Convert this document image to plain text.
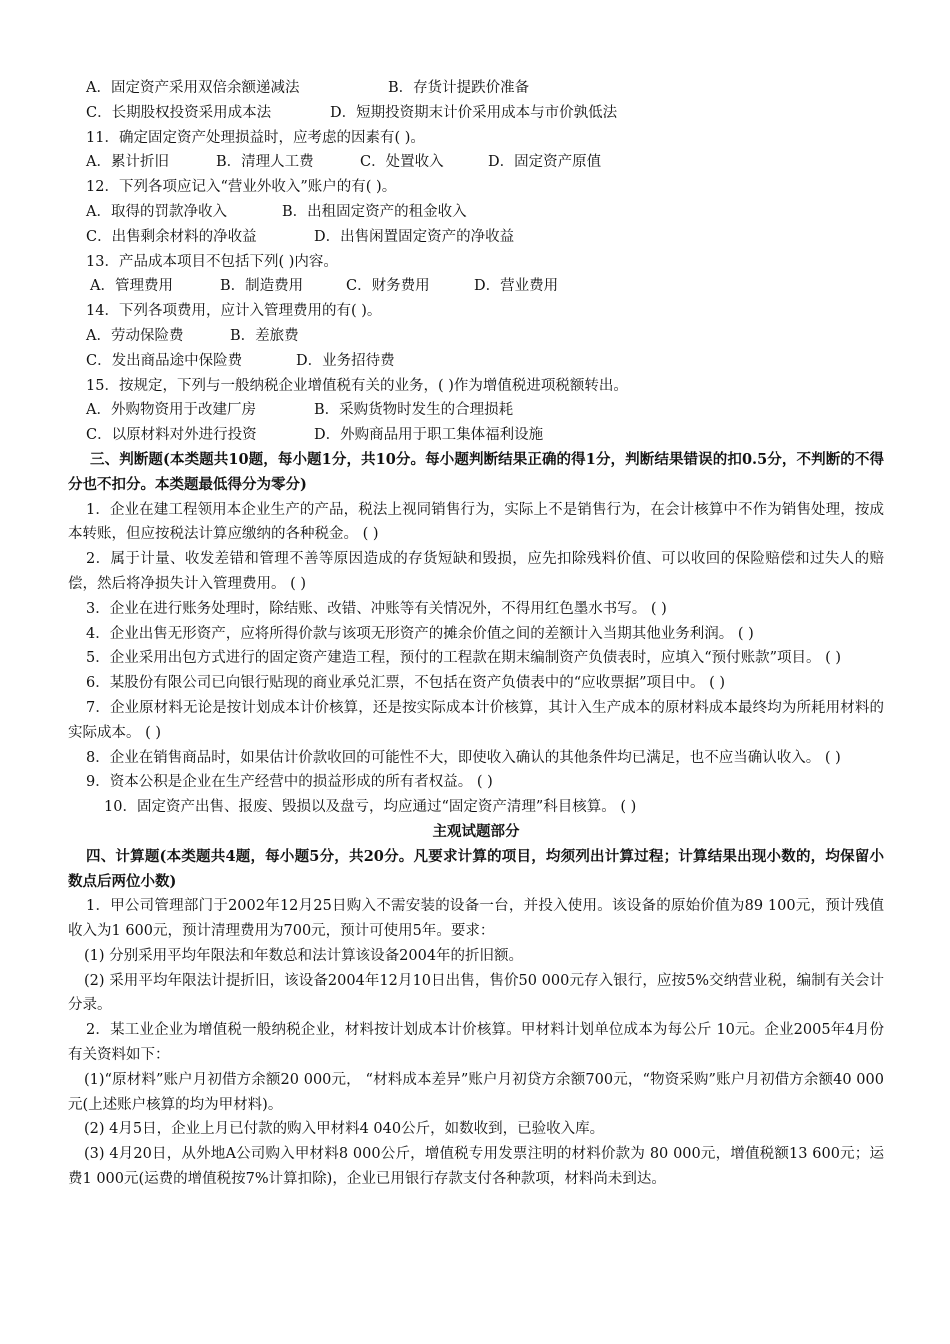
A．固定资产采用双倍余额递减法	B．存货计提跌价准备
C．长期股权投资采用成本法	D．短期投资期末计价采用成本与市价孰低法
11．确定固定资产处理损益时，应考虑的因素有( )。
A．累计折旧	B．清理人工费	C．处置收入	D．固定资产原值
12．下列各项应记入“营业外收入”账户的有( )。
A．取得的罚款净收入	B．出租固定资产的租金收入
C．出售剩余材料的净收益	D．出售闲置固定资产的净收益
13．产品成本项目不包括下列( )内容。
A．管理费用	B．制造费用	C．财务费用	D．营业费用
14．下列各项费用，应计入管理费用的有( )。
A．劳动保险费	B．差旅费
C．发出商品途中保险费	D．业务招待费
15．按规定，下列与一般纳税企业增值税有关的业务，( )作为增值税进项税额转出。
A．外购物资用于改建厂房	B．采购货物时发生的合理损耗
C．以原材料对外进行投资	D．外购商品用于职工集体福利设施
三、判断题(本类题共10题，每小题1分，共10分。每小题判断结果正确的得1分，判断结果错误的扣0.5分，不判断的不得分也不扣分。本类题最低得分为零分)
1．企业在建工程领用本企业生产的产品，税法上视同销售行为，实际上不是销售行为，在会计核算中不作为销售处理，按成本转账，但应按税法计算应缴纳的各种税金。 ( )
2．属于计量、收发差错和管理不善等原因造成的存货短缺和毁损，应先扣除残料价值、可以收回的保险赔偿和过失人的赔偿，然后将净损失计入管理费用。 ( )
3．企业在进行账务处理时，除结账、改错、冲账等有关情况外，不得用红色墨水书写。 ( )
4．企业出售无形资产，应将所得价款与该项无形资产的摊余价值之间的差额计入当期其他业务利润。 ( )
5．企业采用出包方式进行的固定资产建造工程，预付的工程款在期末编制资产负债表时，应填入“预付账款”项目。 ( )
6．某股份有限公司已向银行贴现的商业承兑汇票，不包括在资产负债表中的“应收票据”项目中。 ( )
7．企业原材料无论是按计划成本计价核算，还是按实际成本计价核算，其计入生产成本的原材料成本最终均为所耗用材料的实际成本。 ( )
8．企业在销售商品时，如果估计价款收回的可能性不大，即使收入确认的其他条件均已满足，也不应当确认收入。 ( )
9．资本公积是企业在生产经营中的损益形成的所有者权益。 ( )
10．固定资产出售、报废、毁损以及盘亏，均应通过“固定资产清理”科目核算。 ( )
主观试题部分
四、计算题(本类题共4题，每小题5分，共20分。凡要求计算的项目，均须列出计算过程；计算结果出现小数的，均保留小数点后两位小数)
1．甲公司管理部门于2002年12月25日购入不需安装的设备一台，并投入使用。该设备的原始价值为89 100元，预计残值收入为1 600元，预计清理费用为700元，预计可使用5年。要求：
(1) 分别采用平均年限法和年数总和法计算该设备2004年的折旧额。
(2) 采用平均年限法计提折旧，该设备2004年12月10日出售，售价50 000元存入银行，应按5%交纳营业税，编制有关会计分录。
2．某工业企业为增值税一般纳税企业，材料按计划成本计价核算。甲材料计划单位成本为每公斤 10元。企业2005年4月份有关资料如下：
(1)“原材料”账户月初借方余额20 000元， “材料成本差异”账户月初贷方余额700元，“物资采购”账户月初借方余额40 000元(上述账户核算的均为甲材料)。
(2) 4月5日，企业上月已付款的购入甲材料4 040公斤，如数收到，已验收入库。
(3) 4月20日，从外地A公司购入甲材料8 000公斤，增值税专用发票注明的材料价款为 80 000元，增值税额13 600元；运费1 000元(运费的增值税按7%计算扣除)，企业已用银行存款支付各种款项，材料尚未到达。
